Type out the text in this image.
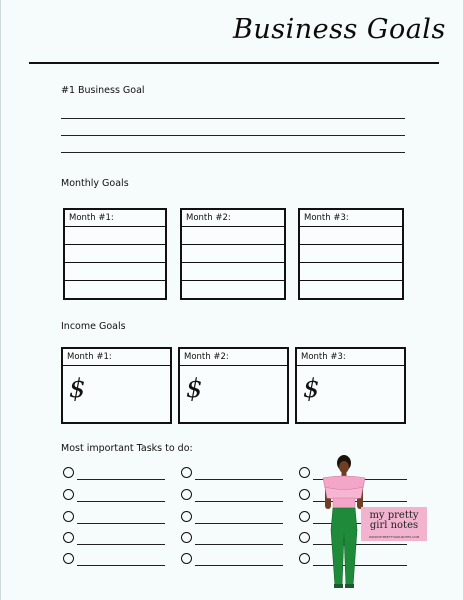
Business Goals
#1 Business Goal
Monthly Goals
Month #1:	Month #2:	Month #3:
Income Goals
Month #1:
$
Month #2:
$
Month #3:
$
Most important Tasks to do:
my pretty
girl notes
WWW.MYPRETTYGIRLNOTES.COM
